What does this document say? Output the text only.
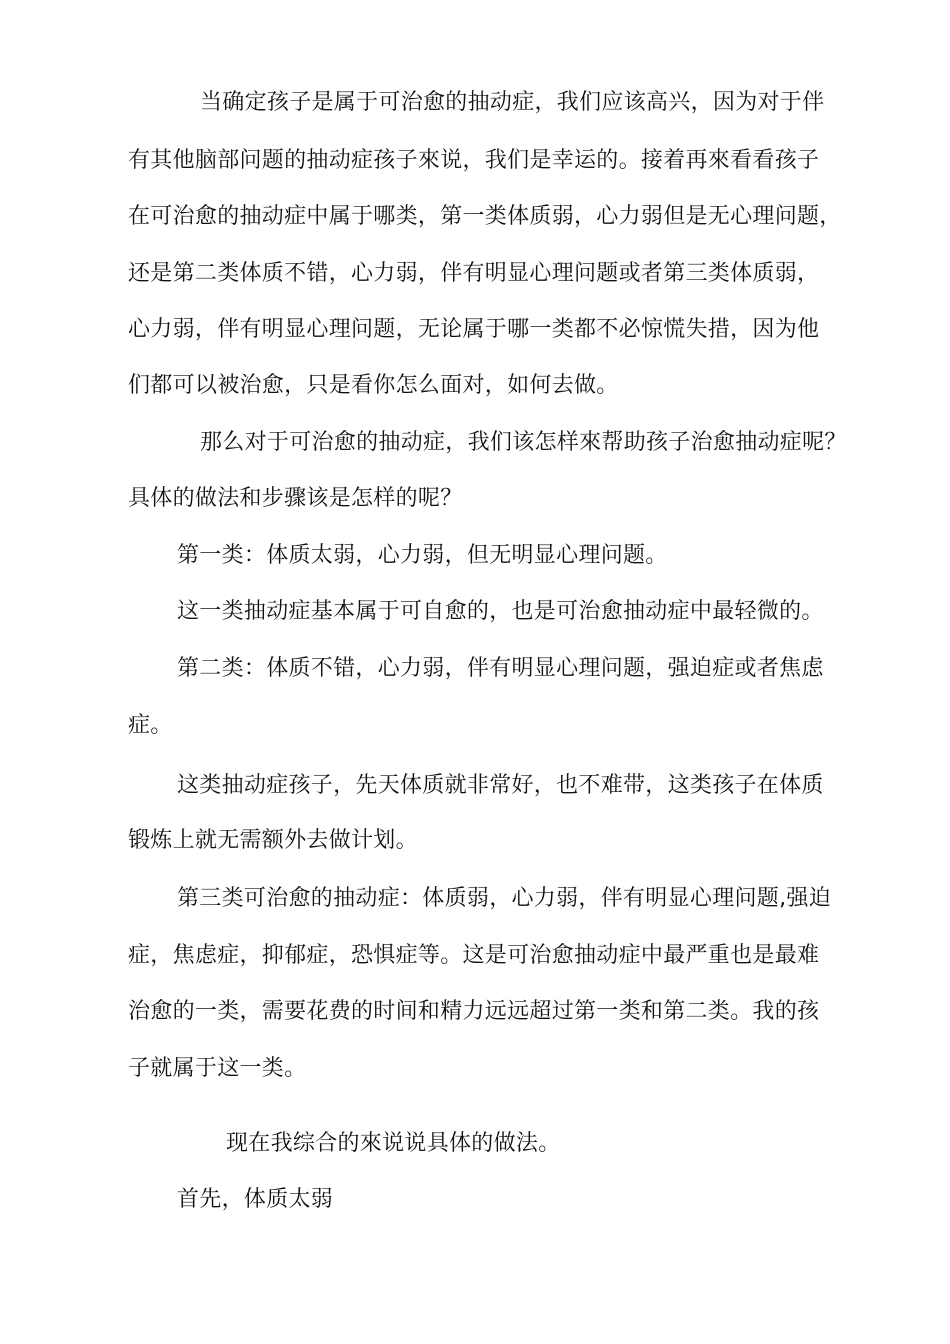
当确定孩子是属于可治愈的抽动症，我们应该高兴，因为对于伴
有其他脑部问题的抽动症孩子來说，我们是幸运的。接着再來看看孩子
在可治愈的抽动症中属于哪类，第一类体质弱，心力弱但是无心理问题，
还是第二类体质不错，心力弱，伴有明显心理问题或者第三类体质弱，
心力弱，伴有明显心理问题，无论属于哪一类都不必惊慌失措，因为他
们都可以被治愈，只是看你怎么面对，如何去做。
那么对于可治愈的抽动症，我们该怎样來帮助孩子治愈抽动症呢？
具体的做法和步骤该是怎样的呢？
第一类：体质太弱，心力弱，但无明显心理问题。
这一类抽动症基本属于可自愈的，也是可治愈抽动症中最轻微的。
第二类：体质不错，心力弱，伴有明显心理问题，强迫症或者焦虑
症。
这类抽动症孩子，先天体质就非常好，也不难带，这类孩子在体质
锻炼上就无需额外去做计划。
第三类可治愈的抽动症：体质弱，心力弱，伴有明显心理问题,强迫
症，焦虑症，抑郁症，恐惧症等。这是可治愈抽动症中最严重也是最难
治愈的一类，需要花费的时间和精力远远超过第一类和第二类。我的孩
子就属于这一类。
现在我综合的來说说具体的做法。
首先，体质太弱
